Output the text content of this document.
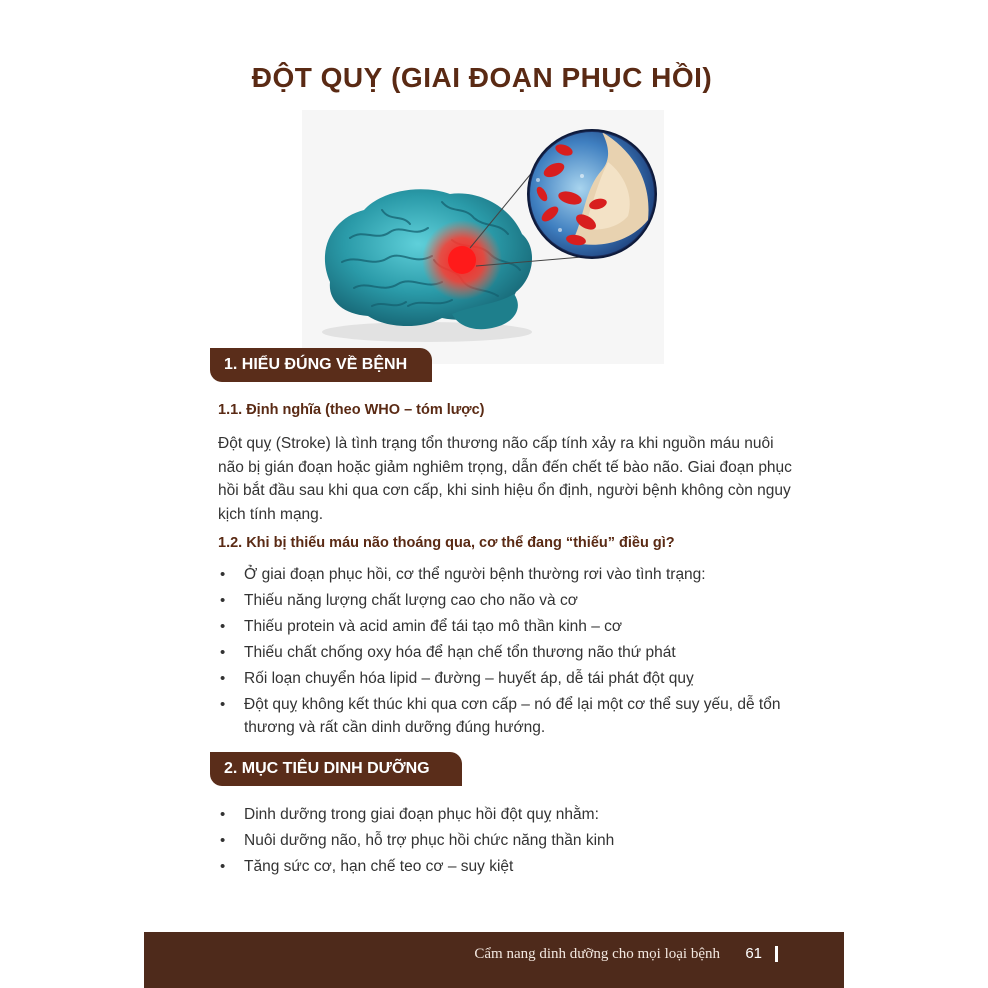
ĐỘT QUỴ (GIAI ĐOẠN PHỤC HỒI)
1. HIỂU ĐÚNG VỀ BỆNH
1.1. Định nghĩa (theo WHO – tóm lược)
Đột quỵ (Stroke) là tình trạng tổn thương não cấp tính xảy ra khi nguồn máu nuôi não bị gián đoạn hoặc giảm nghiêm trọng, dẫn đến chết tế bào não. Giai đoạn phục hồi bắt đầu sau khi qua cơn cấp, khi sinh hiệu ổn định, người bệnh không còn nguy kịch tính mạng.
1.2. Khi bị thiếu máu não thoáng qua, cơ thể đang “thiếu” điều gì?
• Ở giai đoạn phục hồi, cơ thể người bệnh thường rơi vào tình trạng:
• Thiếu năng lượng chất lượng cao cho não và cơ
• Thiếu protein và acid amin để tái tạo mô thần kinh – cơ
• Thiếu chất chống oxy hóa để hạn chế tổn thương não thứ phát
• Rối loạn chuyển hóa lipid – đường – huyết áp, dễ tái phát đột quỵ
• Đột quỵ không kết thúc khi qua cơn cấp – nó để lại một cơ thể suy yếu, dễ tổn thương và rất cần dinh dưỡng đúng hướng.
2. MỤC TIÊU DINH DƯỠNG
• Dinh dưỡng trong giai đoạn phục hồi đột quỵ nhằm:
• Nuôi dưỡng não, hỗ trợ phục hồi chức năng thần kinh
• Tăng sức cơ, hạn chế teo cơ – suy kiệt
Cẩm nang dinh dưỡng cho mọi loại bệnh 61
